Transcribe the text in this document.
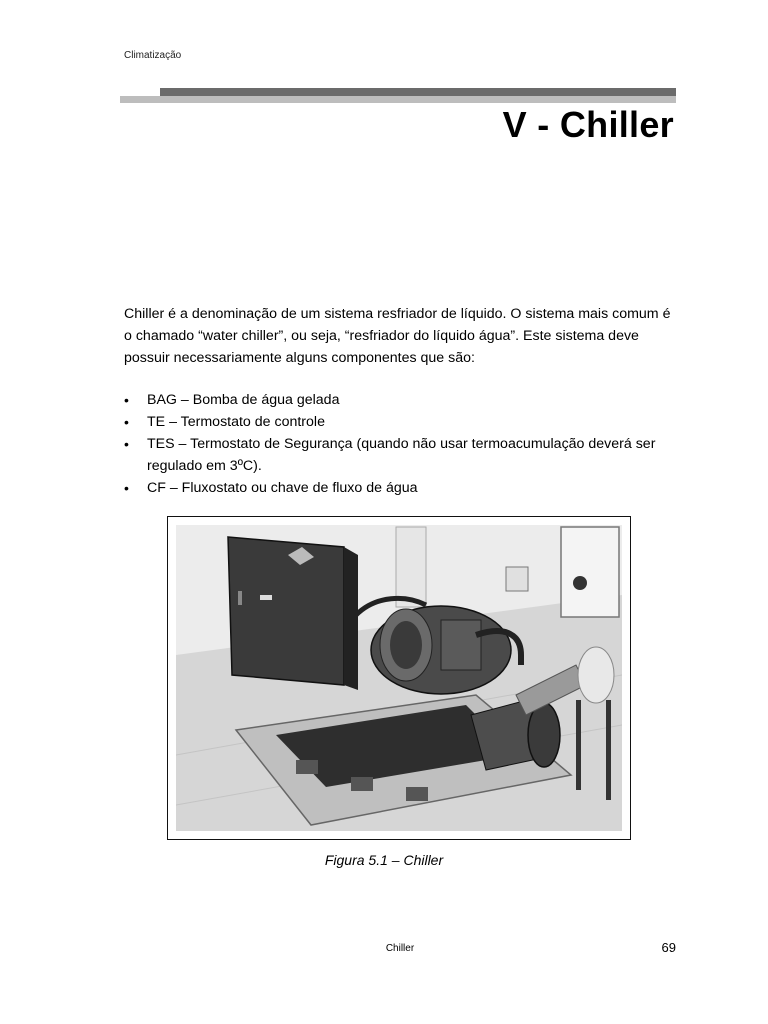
Climatização
V - Chiller

Chiller é a denominação de um sistema resfriador de líquido. O sistema mais comum é o chamado “water chiller”, ou seja, “resfriador do líquido água”. Este sistema deve possuir necessariamente alguns componentes que são:

• BAG – Bomba de água gelada
• TE – Termostato de controle
• TES – Termostato de Segurança (quando não usar termoacumulação deverá ser regulado em 3ºC).
• CF – Fluxostato ou chave de fluxo de água
Figura 5.1 – Chiller
Chiller	69
